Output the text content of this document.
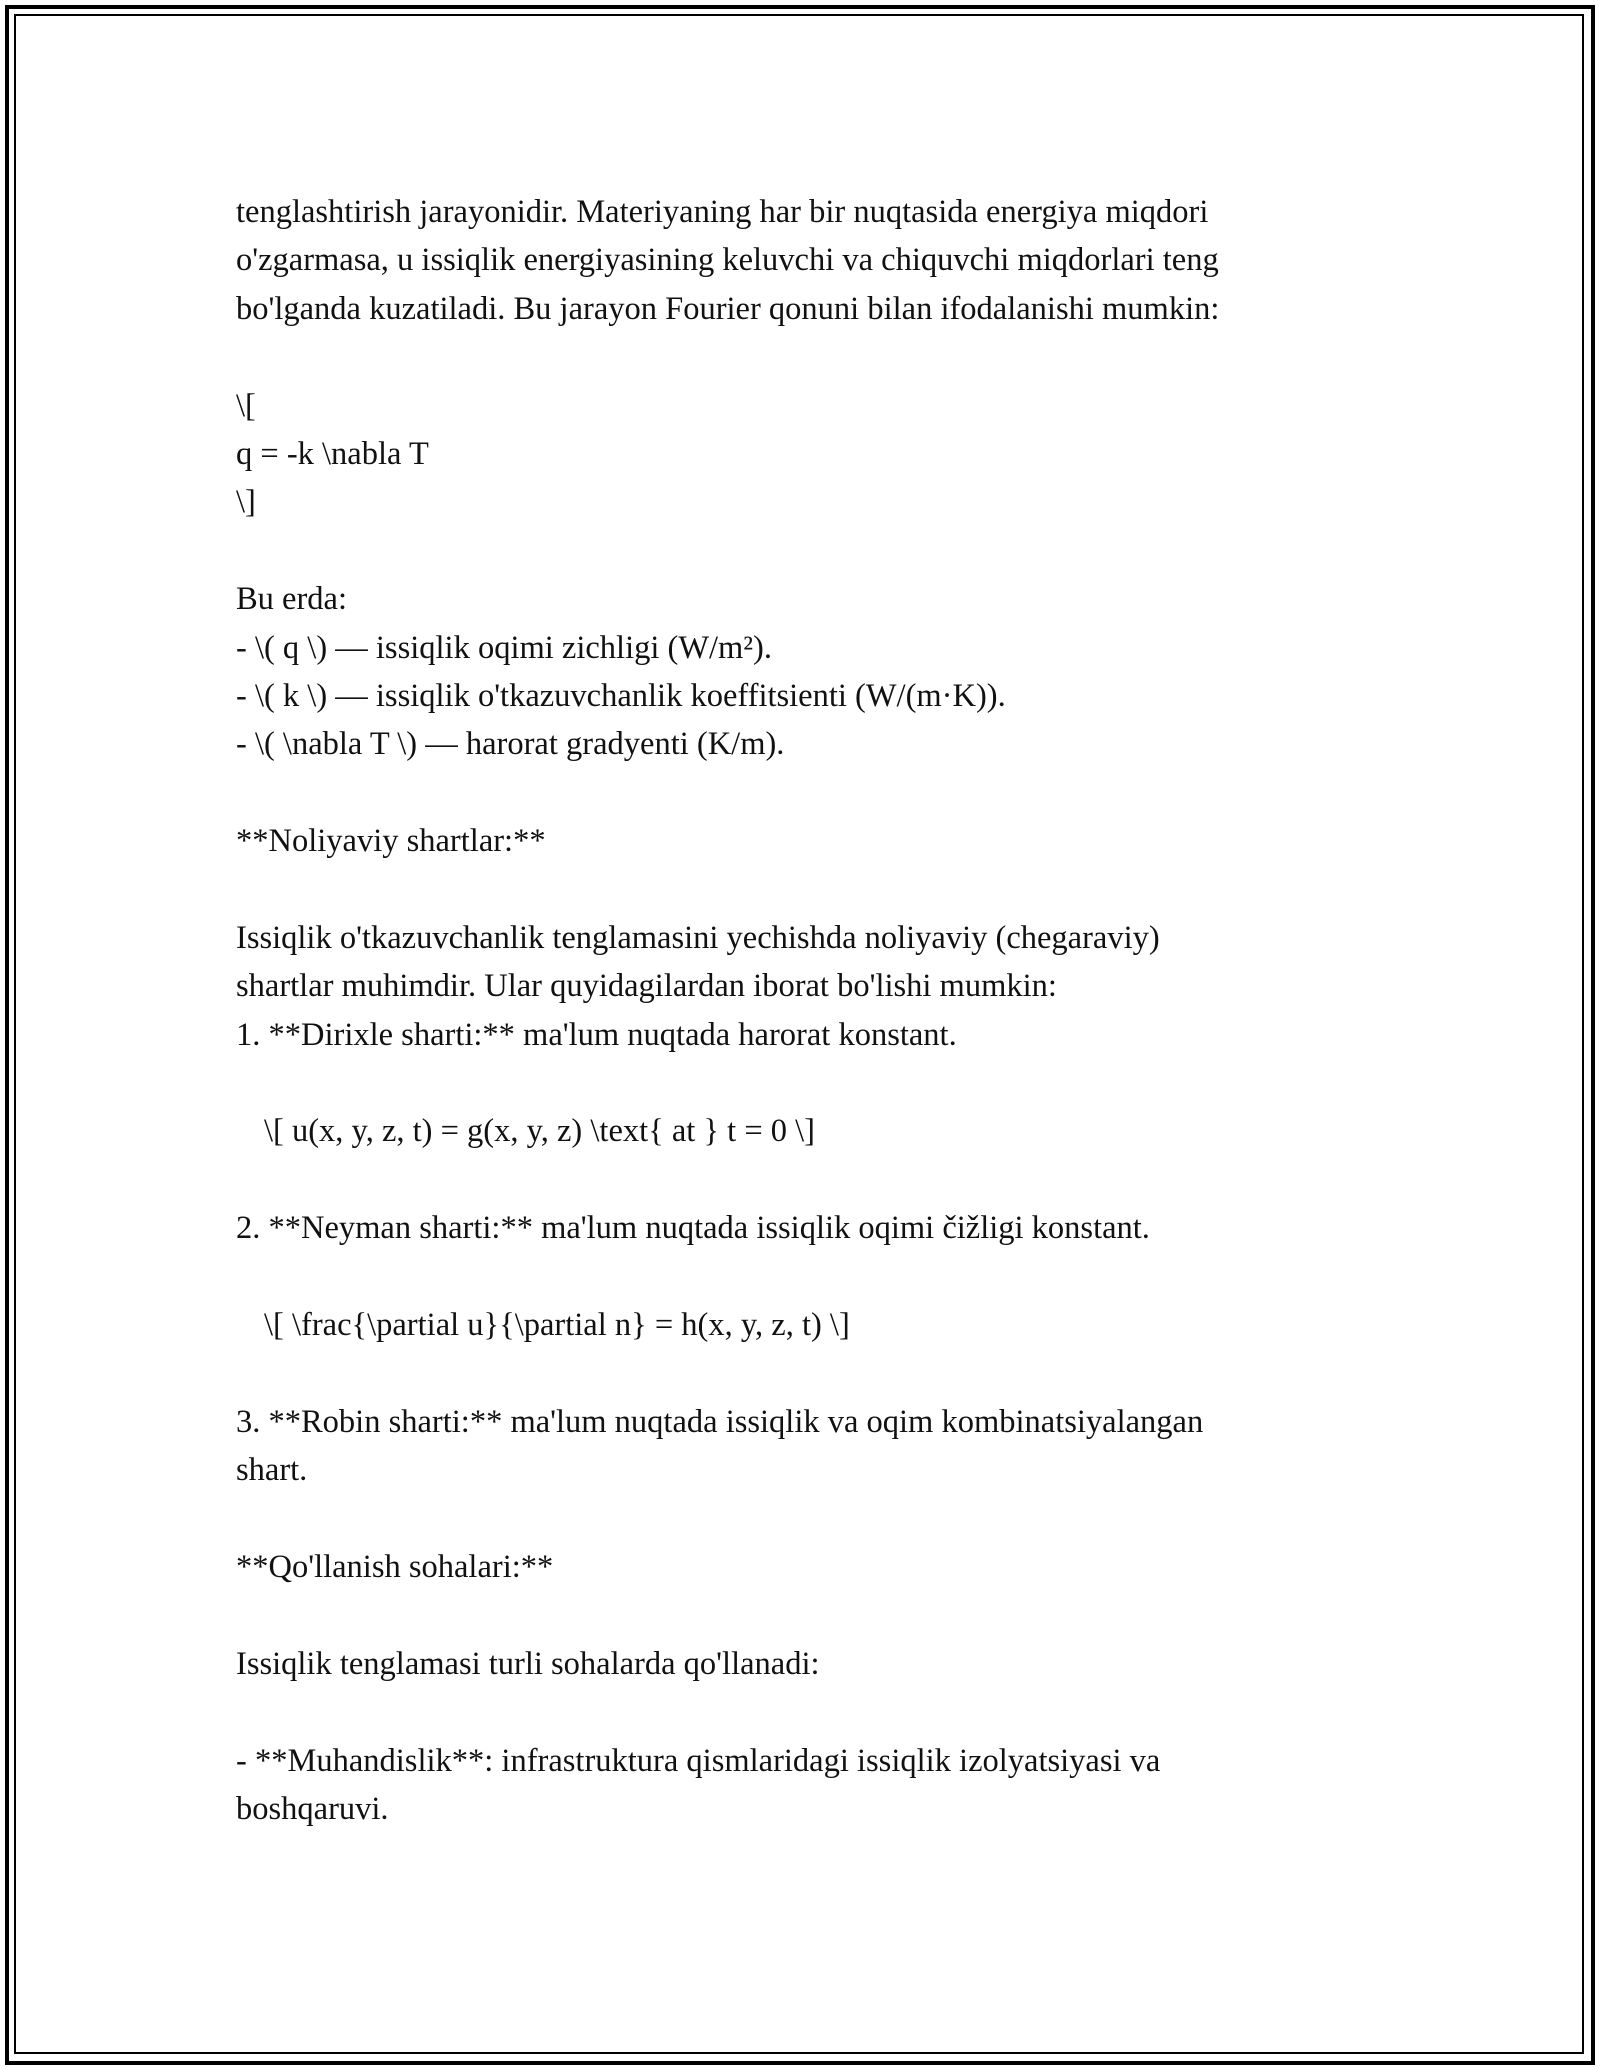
tenglashtirish jarayonidir. Materiyaning har bir nuqtasida energiya miqdori
o'zgarmasa, u issiqlik energiyasining keluvchi va chiquvchi miqdorlari teng
bo'lganda kuzatiladi. Bu jarayon Fourier qonuni bilan ifodalanishi mumkin:
\[
q = -k \nabla T
\]
Bu erda:
- \( q \) — issiqlik oqimi zichligi (W/m²).
- \( k \) — issiqlik o'tkazuvchanlik koeffitsienti (W/(m·K)).
- \( \nabla T \) — harorat gradyenti (K/m).
**Noliyaviy shartlar:**
Issiqlik o'tkazuvchanlik tenglamasini yechishda noliyaviy (chegaraviy)
shartlar muhimdir. Ular quyidagilardan iborat bo'lishi mumkin:
1. **Dirixle sharti:** ma'lum nuqtada harorat konstant.
\[ u(x, y, z, t) = g(x, y, z) \text{ at } t = 0 \]
2. **Neyman sharti:** ma'lum nuqtada issiqlik oqimi čižligi konstant.
\[ \frac{\partial u}{\partial n} = h(x, y, z, t) \]
3. **Robin sharti:** ma'lum nuqtada issiqlik va oqim kombinatsiyalangan
shart.
**Qo'llanish sohalari:**
Issiqlik tenglamasi turli sohalarda qo'llanadi:
- **Muhandislik**: infrastruktura qismlaridagi issiqlik izolyatsiyasi va
boshqaruvi.
